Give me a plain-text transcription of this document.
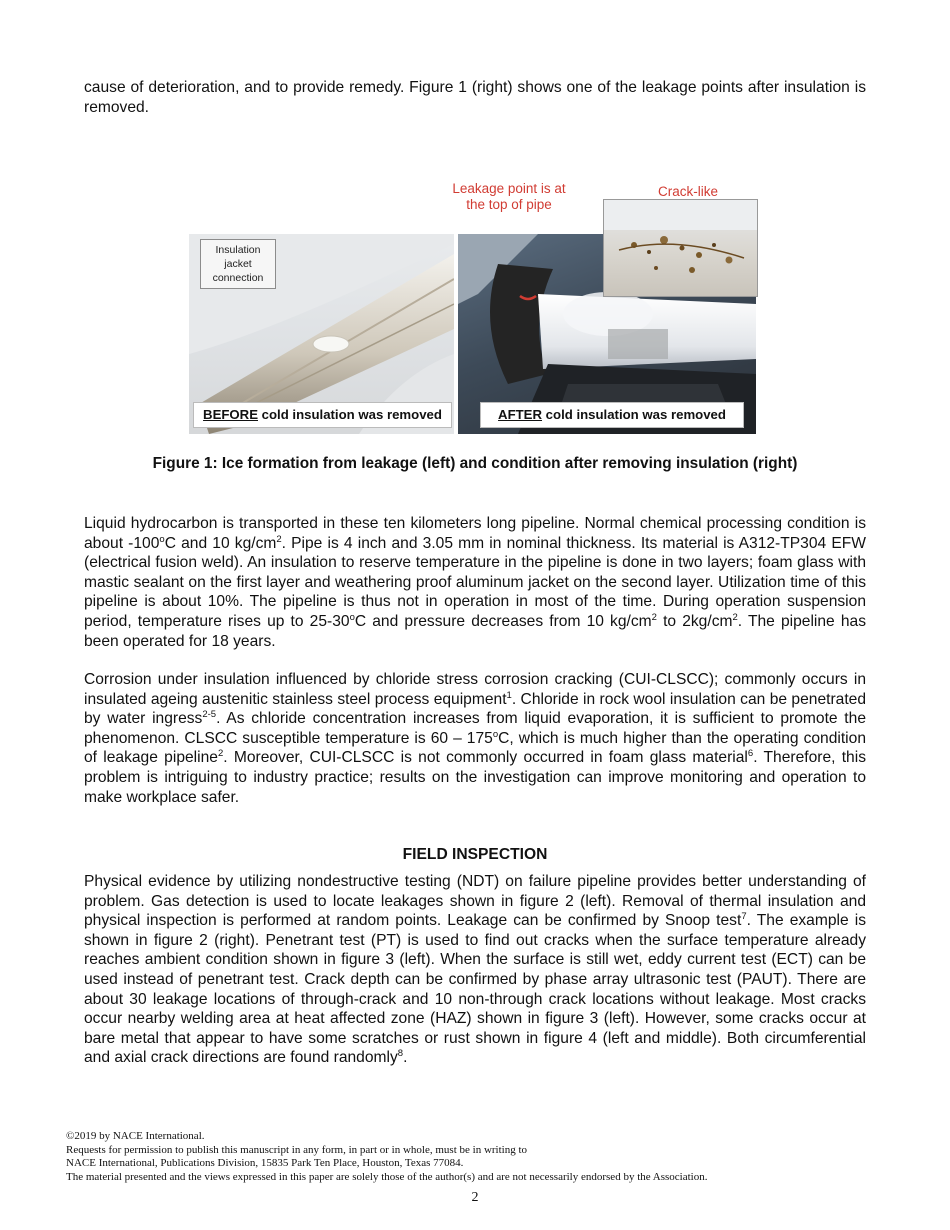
cause of deterioration, and to provide remedy. Figure 1 (right) shows one of the leakage points after insulation is removed.

Insulation jacket connection
BEFORE cold insulation was removed
Leakage point is at the top of pipe
Crack-like
AFTER cold insulation was removed
Figure 1: Ice formation from leakage (left) and condition after removing insulation (right)

Liquid hydrocarbon is transported in these ten kilometers long pipeline. Normal chemical processing condition is about -100$^o$C and 10 $kg/cm^2$. Pipe is 4 inch and 3.05 mm in nominal thickness. Its material is A312-TP304 EFW (electrical fusion weld). An insulation to reserve temperature in the pipeline is done in two layers; foam glass with mastic sealant on the first layer and weathering proof aluminum jacket on the second layer. Utilization time of this pipeline is about 10%. The pipeline is thus not in operation in most of the time. During operation suspension period, temperature rises up to 25-30$^o$C and pressure decreases from 10 $kg/cm^2$ to $2kg/cm^2$. The pipeline has been operated for 18 years.

Corrosion under insulation influenced by chloride stress corrosion cracking (CUI-CLSCC); commonly occurs in insulated ageing austenitic stainless steel process equipment$^1$. Chloride in rock wool insulation can be penetrated by water ingress$^{2-5}$. As chloride concentration increases from liquid evaporation, it is sufficient to promote the phenomenon. CLSCC susceptible temperature is 60 – 175$^o$C, which is much higher than the operating condition of leakage pipeline$^2$. Moreover, CUI-CLSCC is not commonly occurred in foam glass material$^6$. Therefore, this problem is intriguing to industry practice; results on the investigation can improve monitoring and operation to make workplace safer.

FIELD INSPECTION

Physical evidence by utilizing nondestructive testing (NDT) on failure pipeline provides better understanding of problem. Gas detection is used to locate leakages shown in figure 2 (left). Removal of thermal insulation and physical inspection is performed at random points. Leakage can be confirmed by Snoop test$^7$. The example is shown in figure 2 (right). Penetrant test (PT) is used to find out cracks when the surface temperature already reaches ambient condition shown in figure 3 (left). When the surface is still wet, eddy current test (ECT) can be used instead of penetrant test. Crack depth can be confirmed by phase array ultrasonic test (PAUT). There are about 30 leakage locations of through-crack and 10 non-through crack locations without leakage. Most cracks occur nearby welding area at heat affected zone (HAZ) shown in figure 3 (left). However, some cracks occur at bare metal that appear to have some scratches or rust shown in figure 4 (left and middle). Both circumferential and axial crack directions are found randomly$^8$.

©2019 by NACE International.
Requests for permission to publish this manuscript in any form, in part or in whole, must be in writing to
NACE International, Publications Division, 15835 Park Ten Place, Houston, Texas 77084.
The material presented and the views expressed in this paper are solely those of the author(s) and are not necessarily endorsed by the Association.
2
